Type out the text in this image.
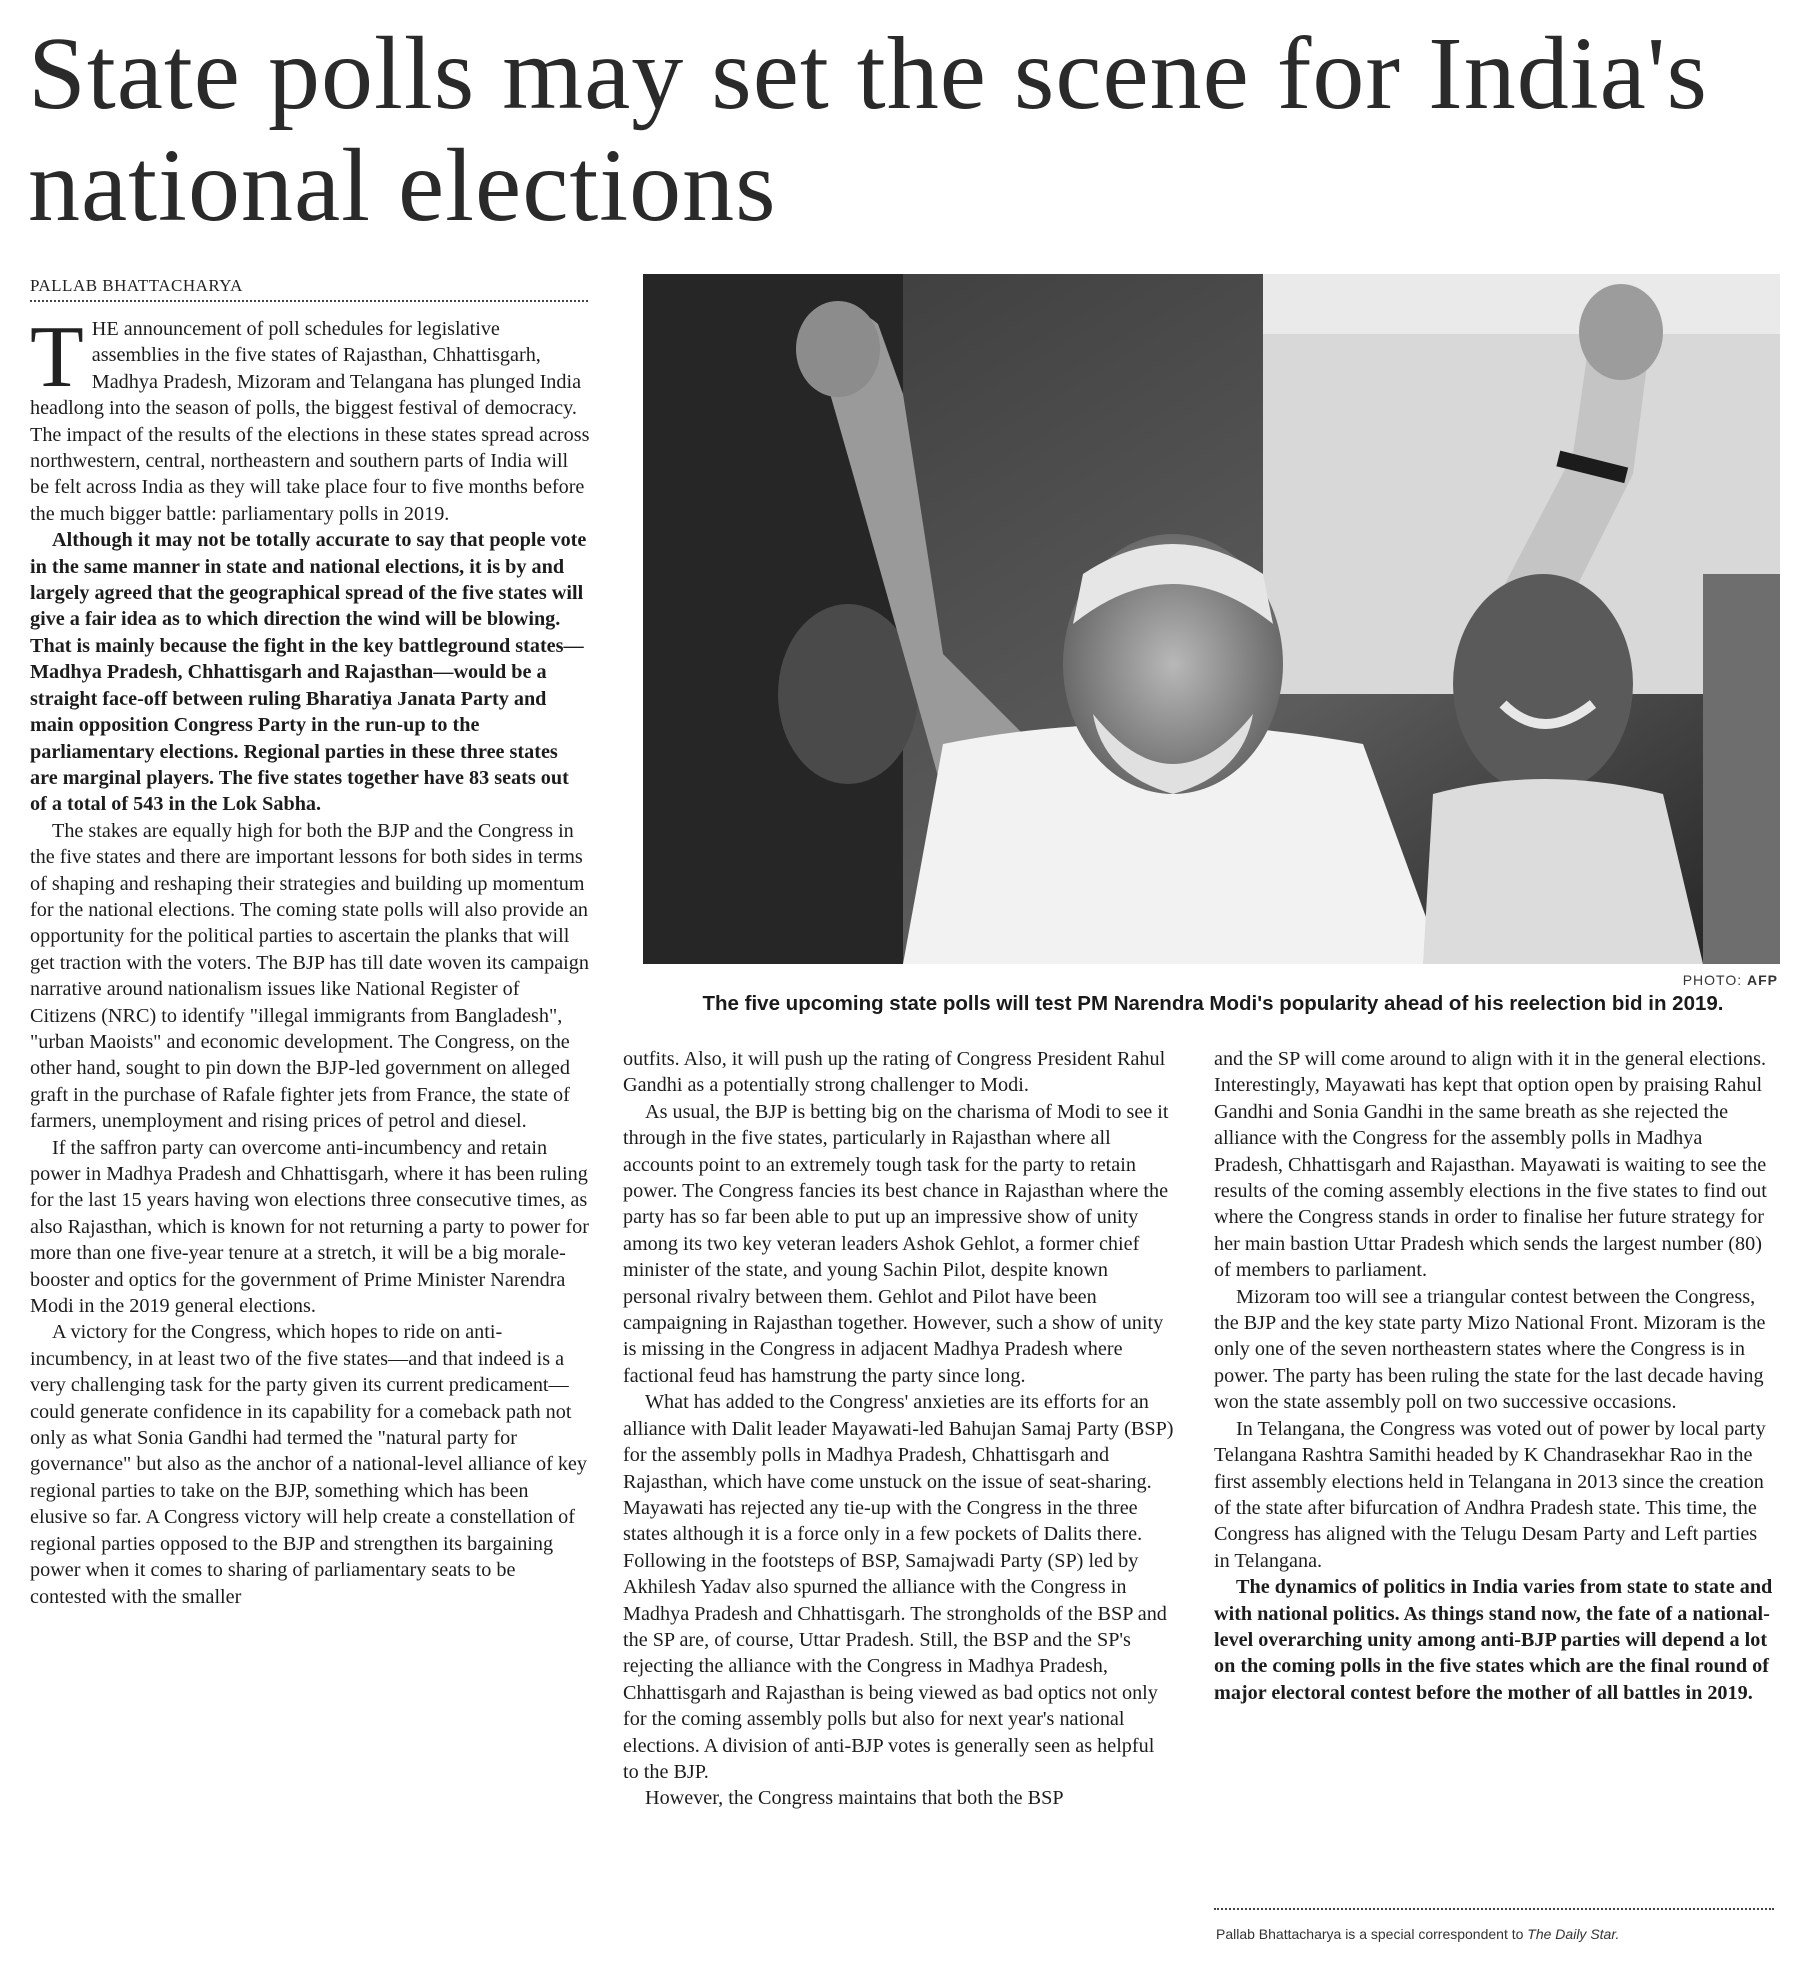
State polls may set the scene for India's national elections
PALLAB BHATTACHARYA

THE announcement of poll schedules for legislative assemblies in the five states of Rajasthan, Chhattisgarh, Madhya Pradesh, Mizoram and Telangana has plunged India headlong into the season of polls, the biggest festival of democracy. The impact of the results of the elections in these states spread across northwestern, central, northeastern and southern parts of India will be felt across India as they will take place four to five months before the much bigger battle: parliamentary polls in 2019.

Although it may not be totally accurate to say that people vote in the same manner in state and national elections, it is by and largely agreed that the geographical spread of the five states will give a fair idea as to which direction the wind will be blowing. That is mainly because the fight in the key battleground states—Madhya Pradesh, Chhattisgarh and Rajasthan—would be a straight face-off between ruling Bharatiya Janata Party and main opposition Congress Party in the run-up to the parliamentary elections. Regional parties in these three states are marginal players. The five states together have 83 seats out of a total of 543 in the Lok Sabha.

The stakes are equally high for both the BJP and the Congress in the five states and there are important lessons for both sides in terms of shaping and reshaping their strategies and building up momentum for the national elections. The coming state polls will also provide an opportunity for the political parties to ascertain the planks that will get traction with the voters. The BJP has till date woven its campaign narrative around nationalism issues like National Register of Citizens (NRC) to identify "illegal immigrants from Bangladesh", "urban Maoists" and economic development. The Congress, on the other hand, sought to pin down the BJP-led government on alleged graft in the purchase of Rafale fighter jets from France, the state of farmers, unemployment and rising prices of petrol and diesel.

If the saffron party can overcome anti-incumbency and retain power in Madhya Pradesh and Chhattisgarh, where it has been ruling for the last 15 years having won elections three consecutive times, as also Rajasthan, which is known for not returning a party to power for more than one five-year tenure at a stretch, it will be a big morale-booster and optics for the government of Prime Minister Narendra Modi in the 2019 general elections.

A victory for the Congress, which hopes to ride on anti-incumbency, in at least two of the five states—and that indeed is a very challenging task for the party given its current predicament—could generate confidence in its capability for a comeback path not only as what Sonia Gandhi had termed the "natural party for governance" but also as the anchor of a national-level alliance of key regional parties to take on the BJP, something which has been elusive so far. A Congress victory will help create a constellation of regional parties opposed to the BJP and strengthen its bargaining power when it comes to sharing of parliamentary seats to be contested with the smaller

PHOTO: AFP
The five upcoming state polls will test PM Narendra Modi's popularity ahead of his reelection bid in 2019.

outfits. Also, it will push up the rating of Congress President Rahul Gandhi as a potentially strong challenger to Modi.

As usual, the BJP is betting big on the charisma of Modi to see it through in the five states, particularly in Rajasthan where all accounts point to an extremely tough task for the party to retain power. The Congress fancies its best chance in Rajasthan where the party has so far been able to put up an impressive show of unity among its two key veteran leaders Ashok Gehlot, a former chief minister of the state, and young Sachin Pilot, despite known personal rivalry between them. Gehlot and Pilot have been campaigning in Rajasthan together. However, such a show of unity is missing in the Congress in adjacent Madhya Pradesh where factional feud has hamstrung the party since long.

What has added to the Congress' anxieties are its efforts for an alliance with Dalit leader Mayawati-led Bahujan Samaj Party (BSP) for the assembly polls in Madhya Pradesh, Chhattisgarh and Rajasthan, which have come unstuck on the issue of seat-sharing. Mayawati has rejected any tie-up with the Congress in the three states although it is a force only in a few pockets of Dalits there. Following in the footsteps of BSP, Samajwadi Party (SP) led by Akhilesh Yadav also spurned the alliance with the Congress in Madhya Pradesh and Chhattisgarh. The strongholds of the BSP and the SP are, of course, Uttar Pradesh. Still, the BSP and the SP's rejecting the alliance with the Congress in Madhya Pradesh, Chhattisgarh and Rajasthan is being viewed as bad optics not only for the coming assembly polls but also for next year's national elections. A division of anti-BJP votes is generally seen as helpful to the BJP.

However, the Congress maintains that both the BSP

and the SP will come around to align with it in the general elections. Interestingly, Mayawati has kept that option open by praising Rahul Gandhi and Sonia Gandhi in the same breath as she rejected the alliance with the Congress for the assembly polls in Madhya Pradesh, Chhattisgarh and Rajasthan. Mayawati is waiting to see the results of the coming assembly elections in the five states to find out where the Congress stands in order to finalise her future strategy for her main bastion Uttar Pradesh which sends the largest number (80) of members to parliament.

Mizoram too will see a triangular contest between the Congress, the BJP and the key state party Mizo National Front. Mizoram is the only one of the seven northeastern states where the Congress is in power. The party has been ruling the state for the last decade having won the state assembly poll on two successive occasions.

In Telangana, the Congress was voted out of power by local party Telangana Rashtra Samithi headed by K Chandrasekhar Rao in the first assembly elections held in Telangana in 2013 since the creation of the state after bifurcation of Andhra Pradesh state. This time, the Congress has aligned with the Telugu Desam Party and Left parties in Telangana.

The dynamics of politics in India varies from state to state and with national politics. As things stand now, the fate of a national-level overarching unity among anti-BJP parties will depend a lot on the coming polls in the five states which are the final round of major electoral contest before the mother of all battles in 2019.

Pallab Bhattacharya is a special correspondent to The Daily Star.
